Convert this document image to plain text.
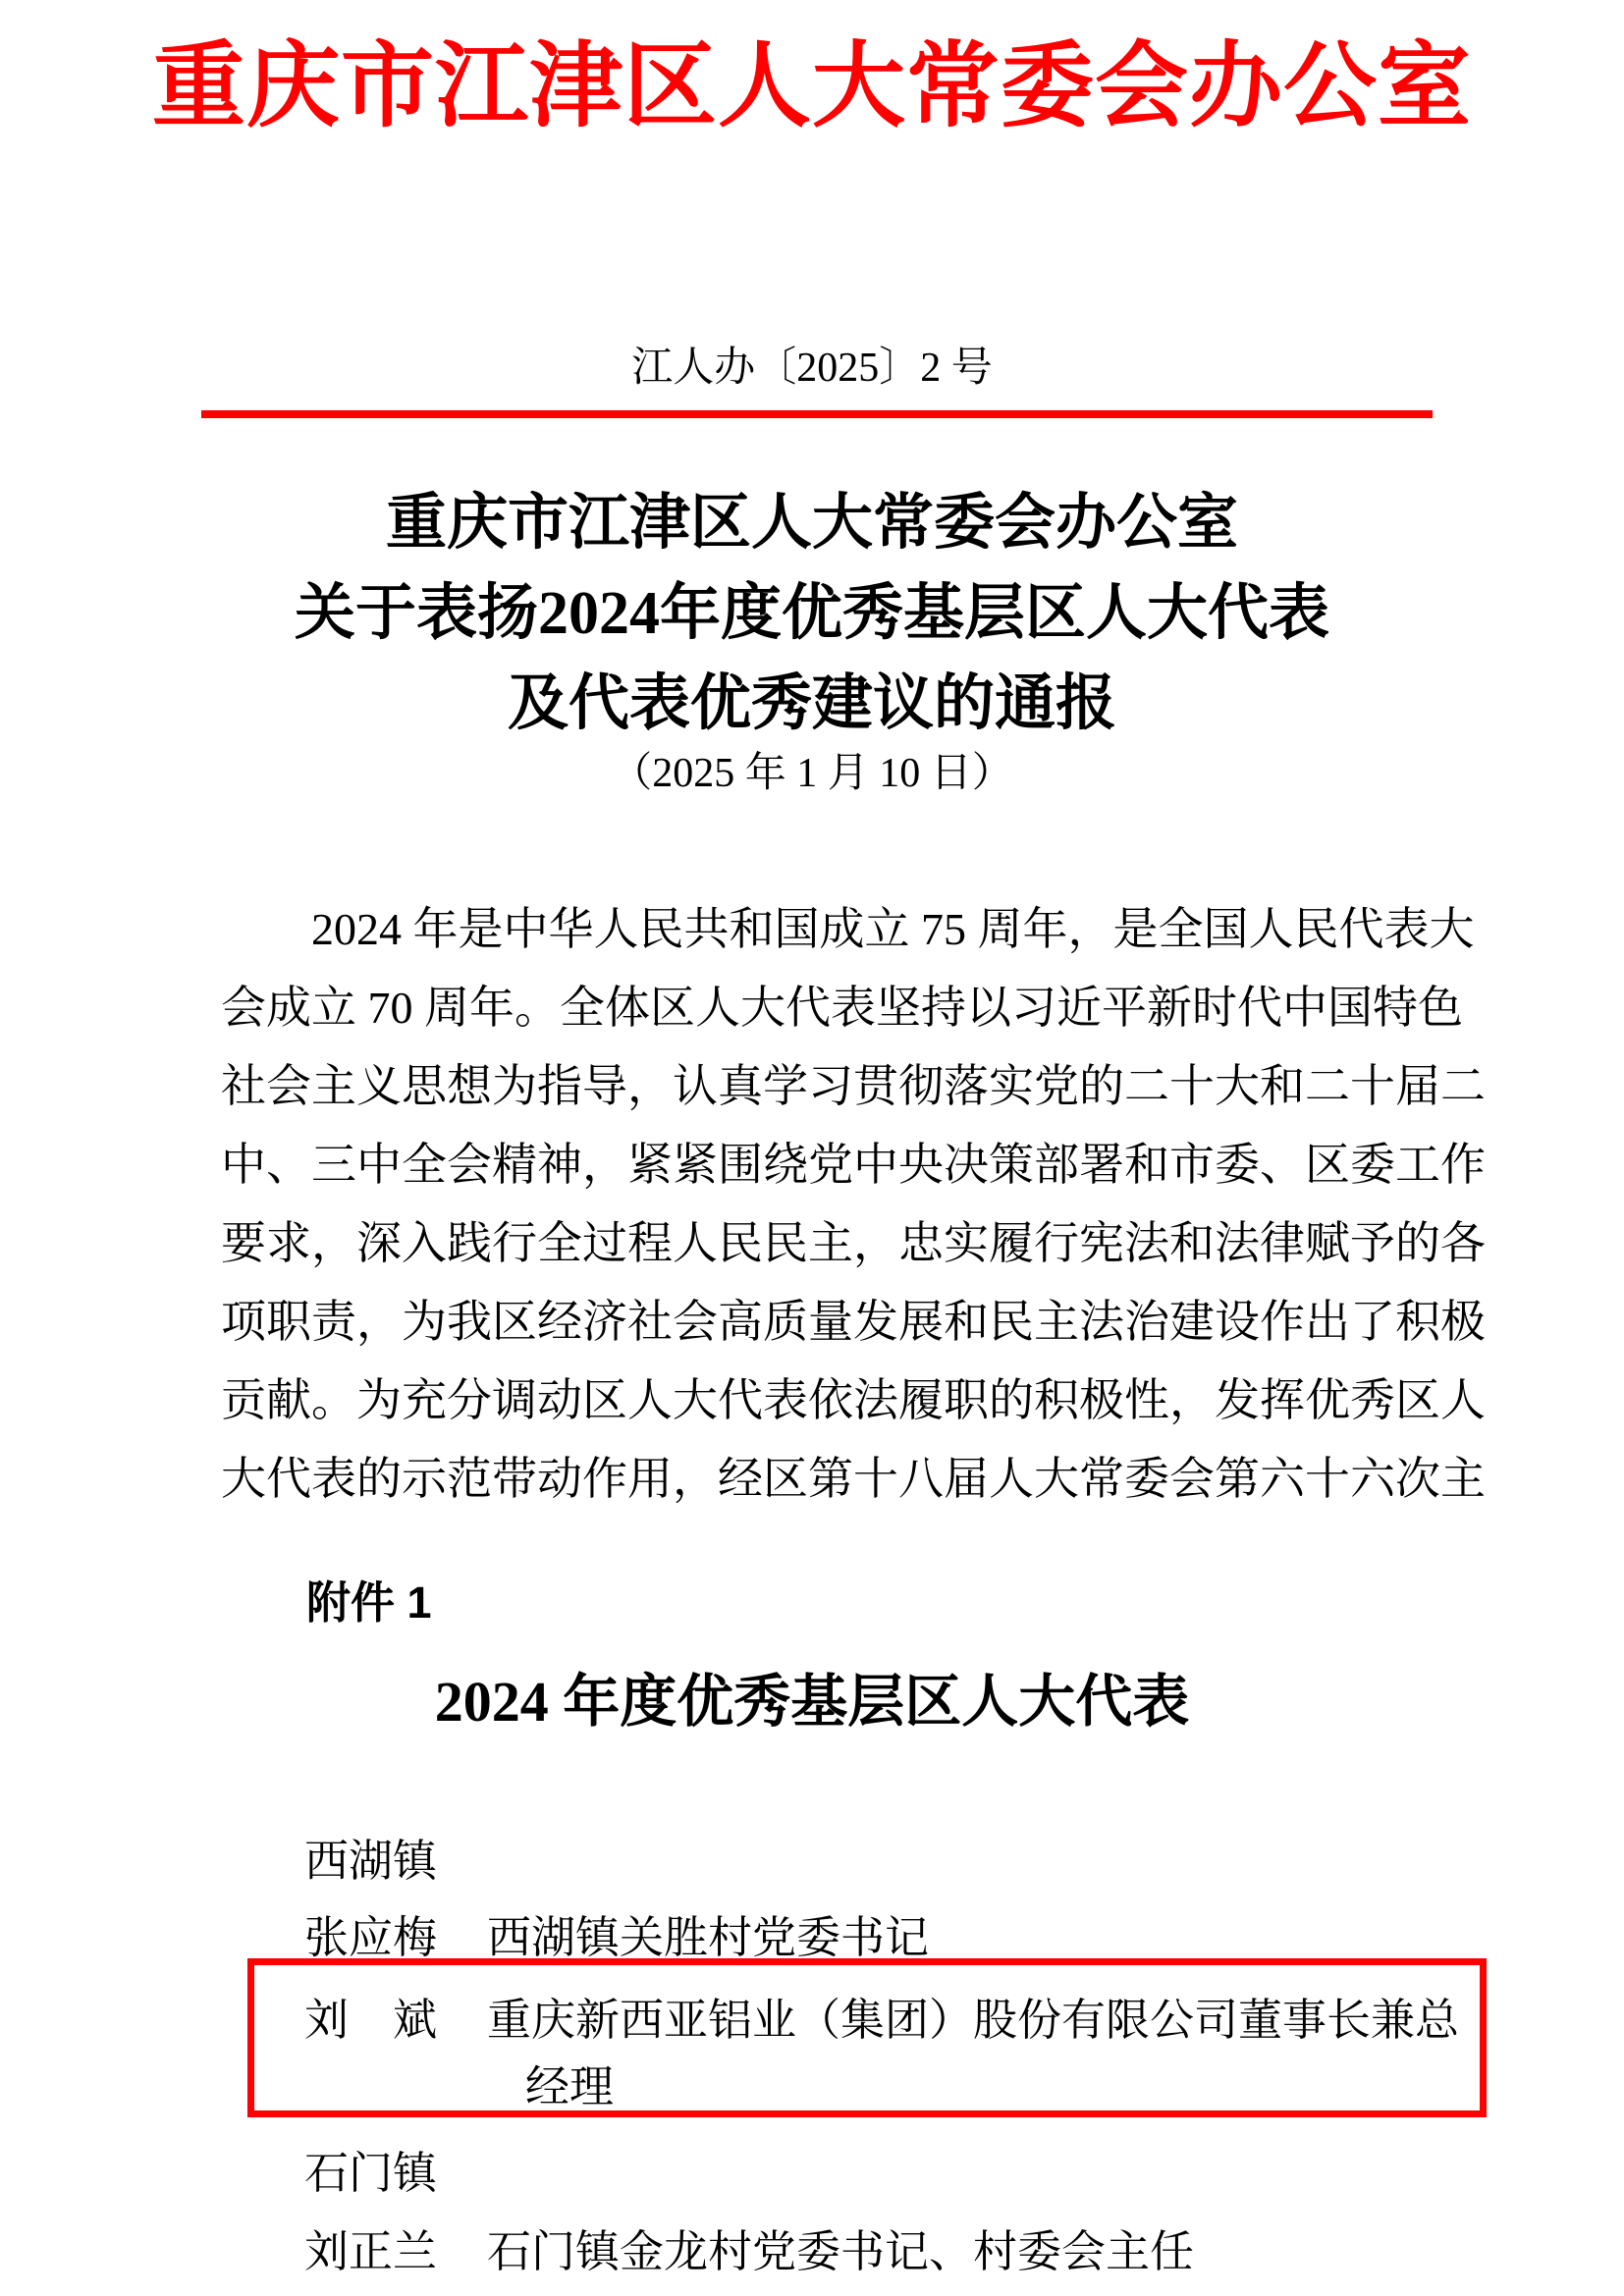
重庆市江津区人大常委会办公室
江人办〔2025〕2 号
重庆市江津区人大常委会办公室
关于表扬2024年度优秀基层区人大代表
及代表优秀建议的通报
（2025 年 1 月 10 日）
2024 年是中华人民共和国成立 75 周年，是全国人民代表大
会成立 70 周年。全体区人大代表坚持以习近平新时代中国特色
社会主义思想为指导，认真学习贯彻落实党的二十大和二十届二
中、三中全会精神，紧紧围绕党中央决策部署和市委、区委工作
要求，深入践行全过程人民民主，忠实履行宪法和法律赋予的各
项职责，为我区经济社会高质量发展和民主法治建设作出了积极
贡献。为充分调动区人大代表依法履职的积极性，发挥优秀区人
大代表的示范带动作用，经区第十八届人大常委会第六十六次主
附件 1
2024 年度优秀基层区人大代表
西湖镇
张应梅 西湖镇关胜村党委书记
刘　斌 重庆新西亚铝业（集团）股份有限公司董事长兼总
经理
石门镇
刘正兰 石门镇金龙村党委书记、村委会主任
